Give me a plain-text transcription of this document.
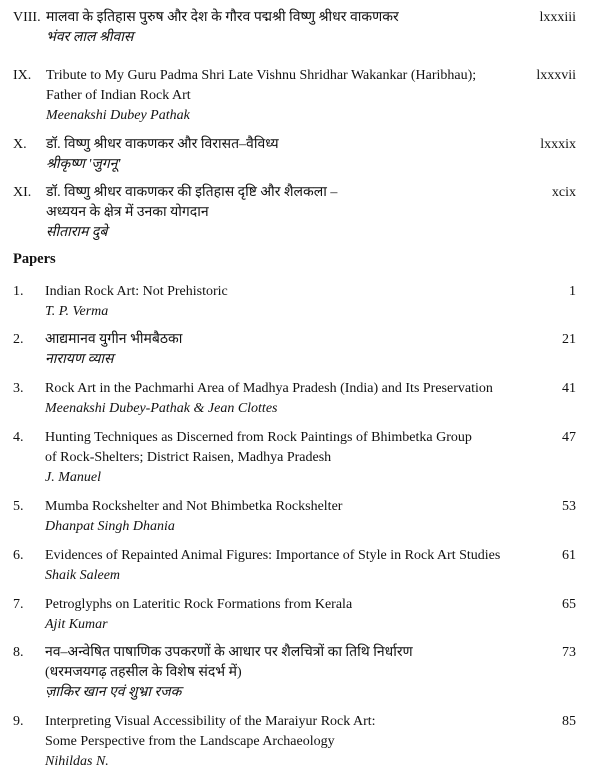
VIII. मालवा के इतिहास पुरुष और देश के गौरव पद्मश्री विष्णु श्रीधर वाकणकर
भंवर लाल श्रीवास
lxxxiii
IX. Tribute to My Guru Padma Shri Late Vishnu Shridhar Wakankar (Haribhau);
Father of Indian Rock Art
Meenakshi Dubey Pathak
lxxxvii
X. डॉ. विष्णु श्रीधर वाकणकर और विरासत–वैविध्य
श्रीकृष्ण 'जुगनू'
lxxxix
XI. डॉ. विष्णु श्रीधर वाकणकर की इतिहास दृष्टि और शैलकला –
अध्ययन के क्षेत्र में उनका योगदान
सीताराम दुबे
xcix
Papers
1. Indian Rock Art: Not Prehistoric
T. P. Verma
1
2. आद्यमानव युगीन भीमबैठका
नारायण व्यास
21
3. Rock Art in the Pachmarhi Area of Madhya Pradesh (India) and Its Preservation
Meenakshi Dubey-Pathak & Jean Clottes
41
4. Hunting Techniques as Discerned from Rock Paintings of Bhimbetka Group
of Rock-Shelters; District Raisen, Madhya Pradesh
J. Manuel
47
5. Mumba Rockshelter and Not Bhimbetka Rockshelter
Dhanpat Singh Dhania
53
6. Evidences of Repainted Animal Figures: Importance of Style in Rock Art Studies
Shaik Saleem
61
7. Petroglyphs on Lateritic Rock Formations from Kerala
Ajit Kumar
65
8. नव–अन्वेषित पाषाणिक उपकरणों के आधार पर शैलचित्रों का तिथि निर्धारण
(धरमजयगढ़ तहसील के विशेष संदर्भ में)
ज़ाकिर खान एवं शुभ्रा रजक
73
9. Interpreting Visual Accessibility of the Maraiyur Rock Art:
Some Perspective from the Landscape Archaeology
Nihildas N.
85
